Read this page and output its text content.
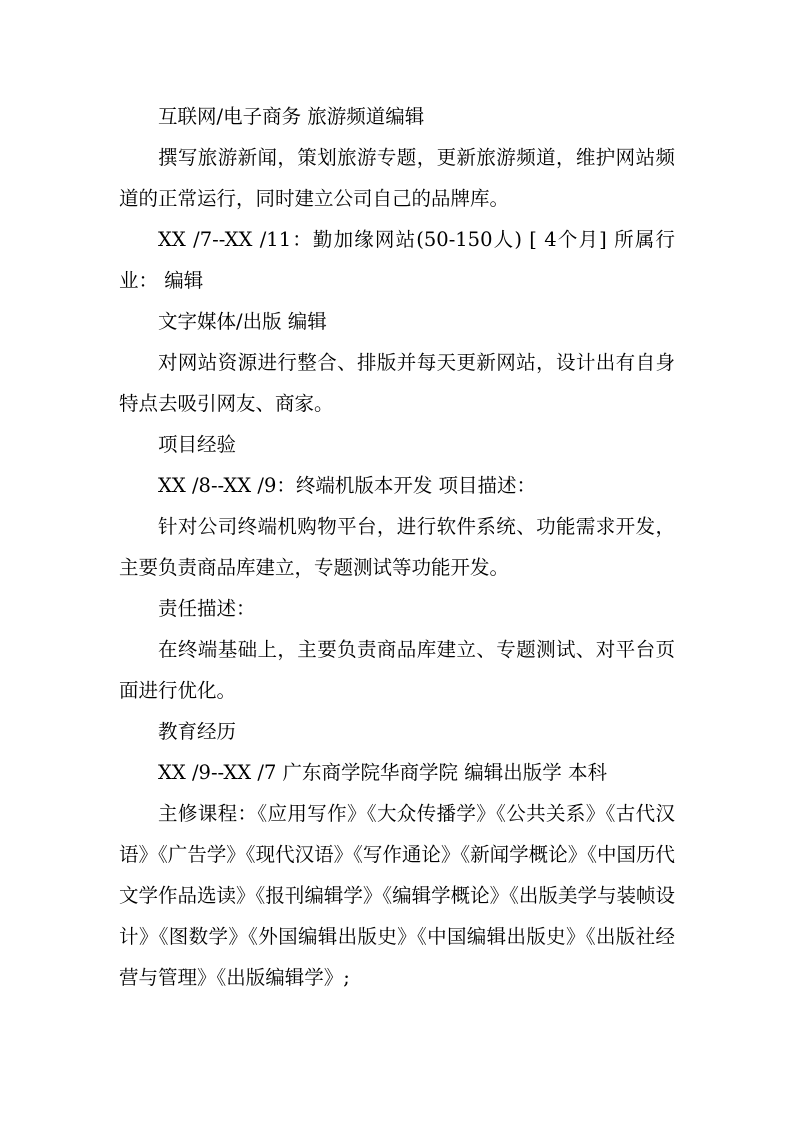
互联网/电子商务 旅游频道编辑

撰写旅游新闻，策划旅游专题，更新旅游频道，维护网站频道的正常运行，同时建立公司自己的品牌库。

XX /7--XX /11：勤加缘网站(50-150人) [ 4个月] 所属行业： 编辑

文字媒体/出版 编辑

对网站资源进行整合、排版并每天更新网站，设计出有自身特点去吸引网友、商家。

项目经验

XX /8--XX /9：终端机版本开发 项目描述：

针对公司终端机购物平台，进行软件系统、功能需求开发，主要负责商品库建立，专题测试等功能开发。

责任描述：

在终端基础上，主要负责商品库建立、专题测试、对平台页面进行优化。

教育经历

XX /9--XX /7 广东商学院华商学院 编辑出版学 本科

主修课程：《应用写作》《大众传播学》《公共关系》《古代汉语》《广告学》《现代汉语》《写作通论》《新闻学概论》《中国历代文学作品选读》《报刊编辑学》《编辑学概论》《出版美学与装帧设计》《图数学》《外国编辑出版史》《中国编辑出版史》《出版社经营与管理》《出版编辑学》;
